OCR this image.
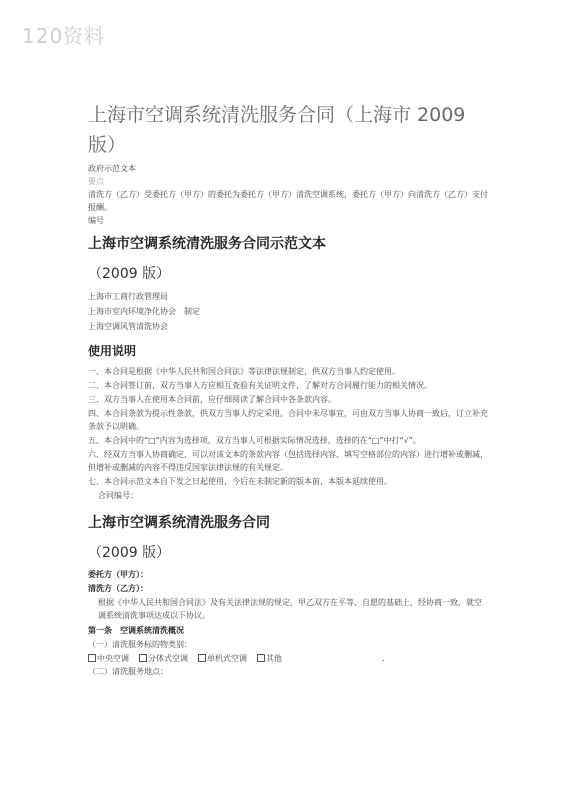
120资料
上海市空调系统清洗服务合同（上海市 2009 版）
政府示范文本
要点
清洗方（乙方）受委托方（甲方）的委托为委托方（甲方）清洗空调系统，委托方（甲方）向清洗方（乙方）支付报酬。
编号
上海市空调系统清洗服务合同示范文本
（2009 版）
上海市工商行政管理局
上海市室内环境净化协会　制定
上海空调风管清洗协会
使用说明

一、本合同是根据《中华人民共和国合同法》等法律法规制定，供双方当事人约定使用。

二、本合同签订前，双方当事人方应相互查验有关证明文件，了解对方合同履行能力的相关情况。

三、双方当事人在使用本合同前，应仔细阅读了解合同中各条款内容。

四、本合同条款为提示性条款，供双方当事人约定采用。合同中未尽事宜，可由双方当事人协商一致后，订立补充条款予以明确。

五、本合同中的“□”内容为选择项，双方当事人可根据实际情况选择，选择的在“□”中打“√”。

六、经双方当事人协商确定，可以对该文本的条款内容（包括选择内容、填写空格部位的内容）进行增补或删减，但增补或删减的内容不得违反国家法律法规的有关规定。

七、本合同示范文本自下发之日起使用，今后在未制定新的版本前，本版本延续使用。

合同编号：

上海市空调系统清洗服务合同
（2009 版）

委托方（甲方）：

清洗方（乙方）：

根据《中华人民共和国合同法》及有关法律法规的规定，甲乙双方在平等、自愿的基础上，经协商一致，就空调系统清洗事项达成以下协议。

第一条　空调系统清洗概况

（一）清洗服务标的物类别：

中央空调	分体式空调	单机式空调	其他	.

（二）清洗服务地点：
